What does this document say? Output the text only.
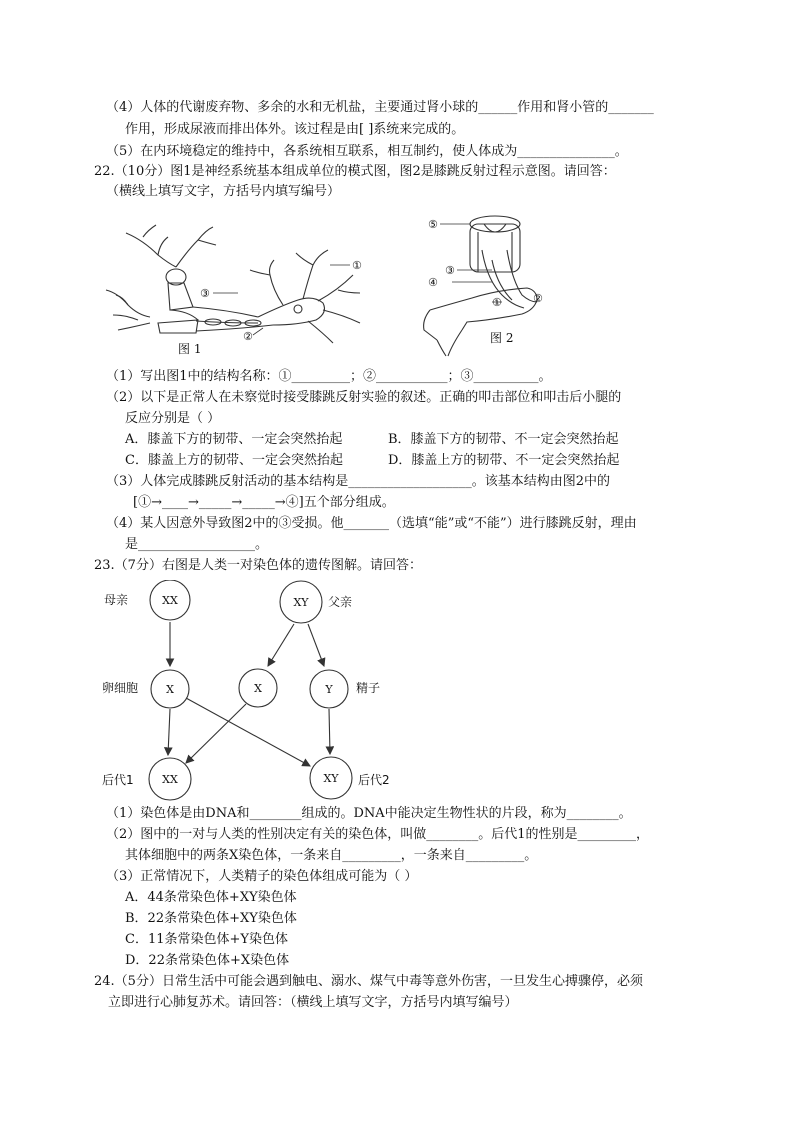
（4）人体的代谢废弃物、多余的水和无机盐，主要通过肾小球的______作用和肾小管的_______
作用，形成尿液而排出体外。该过程是由[ ]系统来完成的。
（5）在内环境稳定的维持中，各系统相互联系，相互制约，使人体成为_______________。
22.（10分）图1是神经系统基本组成单位的模式图，图2是膝跳反射过程示意图。请回答：
（横线上填写文字，方括号内填写编号）
①
③
②
图 1
⑤
③
④
①	②
图 2
（1）写出图1中的结构名称：①_________；②___________；③__________。
（2）以下是正常人在未察觉时接受膝跳反射实验的叙述。正确的叩击部位和叩击后小腿的
反应分别是（ ）
A．膝盖下方的韧带、一定会突然抬起	B．膝盖下方的韧带、不一定会突然抬起
C．膝盖上方的韧带、一定会突然抬起	D．膝盖上方的韧带、不一定会突然抬起
（3）人体完成膝跳反射活动的基本结构是___________________。该基本结构由图2中的
[①→____→_____→_____→④]五个部分组成。
（4）某人因意外导致图2中的③受损。他_______（选填“能”或“不能”）进行膝跳反射，理由
是__________________。
23.（7分）右图是人类一对染色体的遗传图解。请回答：
XX	XY
X	X	Y
XX	XY
母亲	父亲
卵细胞	精子
后代1	后代2
（1）染色体是由DNA和________组成的。DNA中能决定生物性状的片段，称为________。
（2）图中的一对与人类的性别决定有关的染色体，叫做________。后代1的性别是_________，
其体细胞中的两条X染色体，一条来自_________，一条来自_________。
（3）正常情况下，人类精子的染色体组成可能为（ ）
A．44条常染色体+XY染色体
B．22条常染色体+XY染色体
C．11条常染色体+Y染色体
D．22条常染色体+X染色体
24.（5分）日常生活中可能会遇到触电、溺水、煤气中毒等意外伤害，一旦发生心搏骤停，必须
立即进行心肺复苏术。请回答：（横线上填写文字，方括号内填写编号）
